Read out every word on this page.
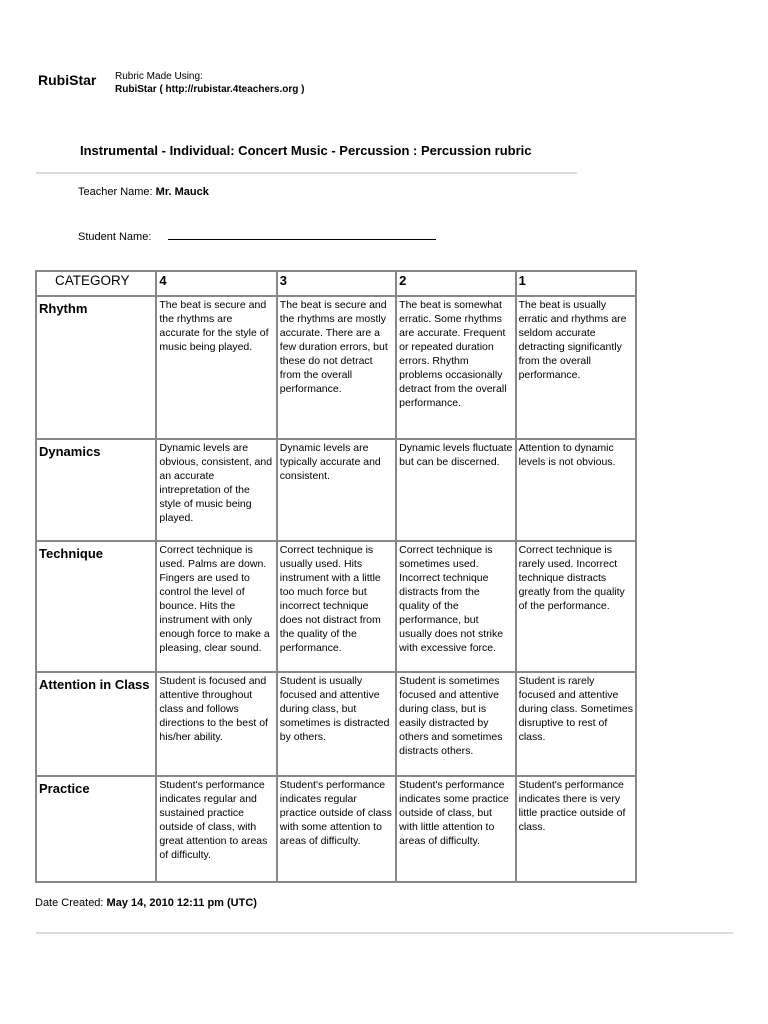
RubiStar Rubric Made Using:
RubiStar ( http://rubistar.4teachers.org )
Instrumental - Individual: Concert Music - Percussion : Percussion rubric
Teacher Name: Mr. Mauck
Student Name:
CATEGORY	4	3	2	1
Rhythm	The beat is secure and the rhythms are accurate for the style of music being played.	The beat is secure and the rhythms are mostly accurate. There are a few duration errors, but these do not detract from the overall performance.	The beat is somewhat erratic. Some rhythms are accurate. Frequent or repeated duration errors. Rhythm problems occasionally detract from the overall performance.	The beat is usually erratic and rhythms are seldom accurate detracting significantly from the overall performance.
Dynamics	Dynamic levels are obvious, consistent, and an accurate intrepretation of the style of music being played.	Dynamic levels are typically accurate and consistent.	Dynamic levels fluctuate but can be discerned.	Attention to dynamic levels is not obvious.
Technique	Correct technique is used. Palms are down. Fingers are used to control the level of bounce. Hits the instrument with only enough force to make a pleasing, clear sound.	Correct technique is usually used. Hits instrument with a little too much force but incorrect technique does not distract from the quality of the performance.	Correct technique is sometimes used. Incorrect technique distracts from the quality of the performance, but usually does not strike with excessive force.	Correct technique is rarely used. Incorrect technique distracts greatly from the quality of the performance.
Attention in Class	Student is focused and attentive throughout class and follows directions to the best of his/her ability.	Student is usually focused and attentive during class, but sometimes is distracted by others.	Student is sometimes focused and attentive during class, but is easily distracted by others and sometimes distracts others.	Student is rarely focused and attentive during class. Sometimes disruptive to rest of class.
Practice	Student's performance indicates regular and sustained practice outside of class, with great attention to areas of difficulty.	Student's performance indicates regular practice outside of class with some attention to areas of difficulty.	Student's performance indicates some practice outside of class, but with little attention to areas of difficulty.	Student's performance indicates there is very little practice outside of class.
Date Created: May 14, 2010 12:11 pm (UTC)
